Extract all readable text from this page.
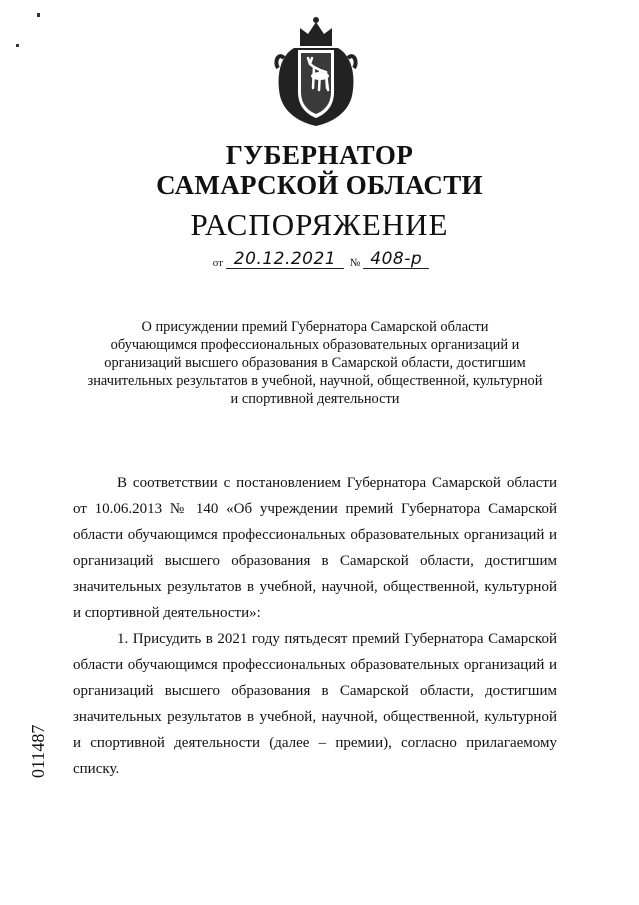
ГУБЕРНАТОР
САМАРСКОЙ ОБЛАСТИ
РАСПОРЯЖЕНИЕ
от 20.12.2021 № 408-р
О присуждении премий Губернатора Самарской области
обучающимся профессиональных образовательных организаций и
организаций высшего образования в Самарской области, достигшим
значительных результатов в учебной, научной, общественной, культурной
и спортивной деятельности

В соответствии с постановлением Губернатора Самарской области от 10.06.2013 № 140 «Об учреждении премий Губернатора Самарской области обучающимся профессиональных образовательных организаций и организаций высшего образования в Самарской области, достигшим значительных результатов в учебной, научной, общественной, культурной и спортивной деятельности»:

1. Присудить в 2021 году пятьдесят премий Губернатора Самарской области обучающимся профессиональных образовательных организаций и организаций высшего образования в Самарской области, достигшим значительных результатов в учебной, научной, общественной, культурной и спортивной деятельности (далее – премии), согласно прилагаемому списку.

011487
